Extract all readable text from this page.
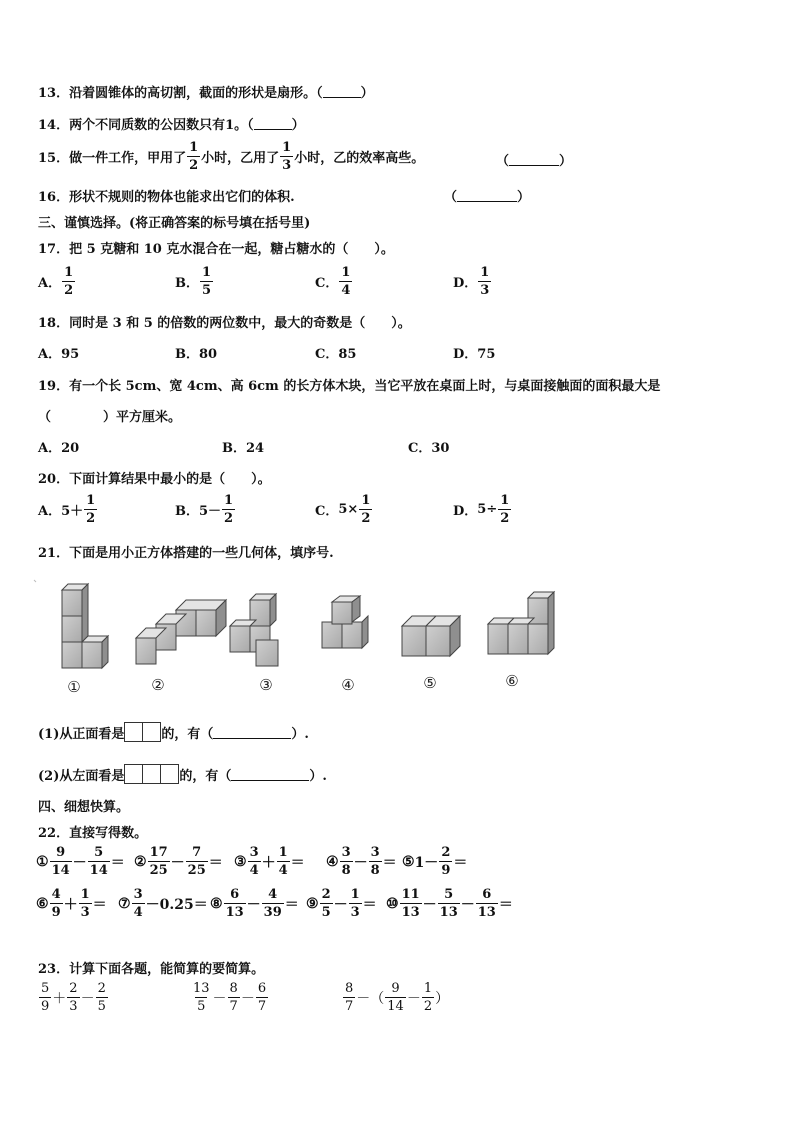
13．沿着圆锥体的高切割，截面的形状是扇形。（	）
14．两个不同质数的公因数只有1。（	）
15．做一件工作，甲用了 $\frac{1}{2}$ 小时，乙用了 $\frac{1}{3}$ 小时，乙的效率高些。	（	）
16．形状不规则的物体也能求出它们的体积.	（	）
三、谨慎选择。(将正确答案的标号填在括号里)
17．把 5 克糖和 10 克水混合在一起，糖占糖水的（　　）。
A． $\frac{1}{2}$	B． $\frac{1}{5}$	C． $\frac{1}{4}$	D． $\frac{1}{3}$
18．同时是 3 和 5 的倍数的两位数中，最大的奇数是（　　）。
A．95	B．80	C．85	D．75
19．有一个长 5cm、宽 4cm、高 6cm 的长方体木块，当它平放在桌面上时，与桌面接触面的面积最大是
（　　　　）平方厘米。
A．20	B．24	C．30
20．下面计算结果中最小的是（　　）。
A． $5+ \frac{1}{2}$	B． $5- \frac{1}{2}$	C． $5\times \frac{1}{2}$	D． $5\div \frac{1}{2}$
21．下面是用小正方体搭建的一些几何体，填序号.
①	②	③	④	⑤	⑥
(1)从正面看是	的，有（	）.
(2)从左面看是	的，有（	）.
四、细想快算。
22．直接写得数。
① $\frac{9}{14} - \frac{5}{14}$ ＝ ② $\frac{17}{25} - \frac{7}{25}$ ＝ ③ $\frac{3}{4} + \frac{1}{4}$ ＝ ④ $\frac{3}{8} - \frac{3}{8}$ ＝ ⑤ $1- \frac{2}{9}$ ＝
⑥ $\frac{4}{9} + \frac{1}{3}$ ＝ ⑦ $\frac{3}{4} -0.25=$ ⑧ $\frac{6}{13} - \frac{4}{39}$ ＝ ⑨ $\frac{2}{5} - \frac{1}{3}$ ＝ ⑩ $\frac{11}{13} - \frac{5}{13} - \frac{6}{13}$ ＝
23．计算下面各题，能简算的要简算。
$\frac{5}{9} + \frac{2}{3} - \frac{2}{5}$	$\frac{13}{5} - \frac{8}{7} - \frac{6}{7}$	$\frac{8}{7}$ －（ $\frac{9}{14} - \frac{1}{2}$ ）
